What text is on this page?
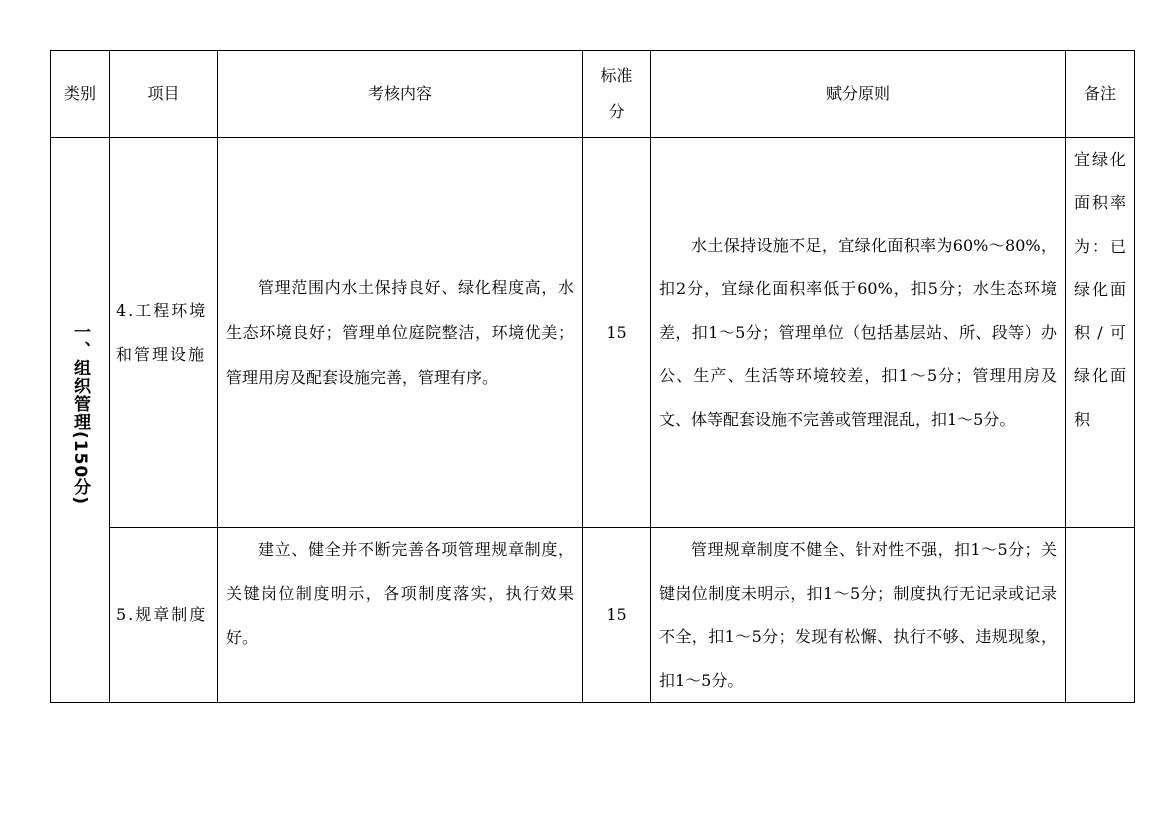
类别	项目	考核内容	标准分	赋分原则	备注
一、组织管理(150分)	4.工程环境和管理设施	管理范围内水土保持良好、绿化程度高，水生态环境良好；管理单位庭院整洁，环境优美；管理用房及配套设施完善，管理有序。	15	水土保持设施不足，宜绿化面积率为60%～80%，扣2分，宜绿化面积率低于60%，扣5分；水生态环境差，扣1～5分；管理单位（包括基层站、所、段等）办公、生产、生活等环境较差，扣1～5分；管理用房及文、体等配套设施不完善或管理混乱，扣1～5分。	宜绿化面积率为：已绿化面积/可绿化面积
	5.规章制度	建立、健全并不断完善各项管理规章制度，关键岗位制度明示，各项制度落实，执行效果好。	15	管理规章制度不健全、针对性不强，扣1～5分；关键岗位制度未明示，扣1～5分；制度执行无记录或记录不全，扣1～5分；发现有松懈、执行不够、违规现象，扣1～5分。	
